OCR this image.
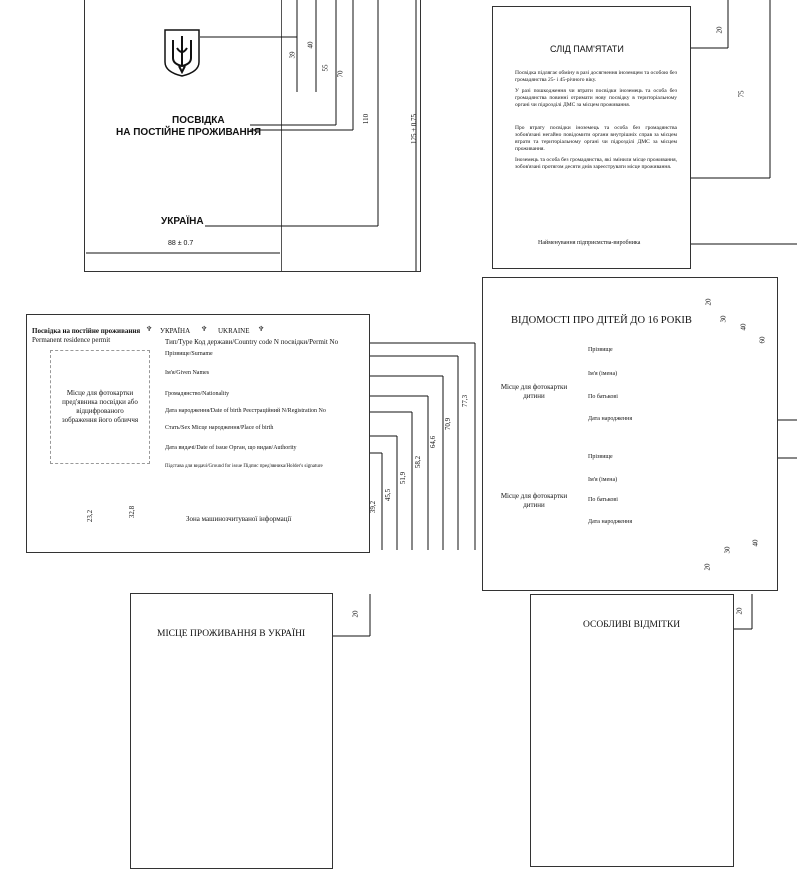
ПОСВІДКА
НА ПОСТІЙНЕ ПРОЖИВАННЯ
УКРАЇНА
88 ± 0.7
125 ± 0.75
39
40
55
70
110
СЛІД ПАМ'ЯТАТИ
Посвідка підлягає обміну в разі досягнення іноземцем та особою без громадянства 25- і 45-річного віку.
У разі пошкодження чи втрати посвідки іноземець та особа без громадянства повинні отримати нову посвідку в територіальному органі чи підрозділі ДМС за місцем проживання.
Про втрату посвідки іноземець та особа без громадянства зобов'язані негайно повідомити органи внутрішніх справ за місцем втрати та територіальному органі чи підрозділі ДМС за місцем проживання.
Іноземець та особа без громадянства, які змінили місце проживання, зобов'язані протягом десяти днів зареєструвати місце проживання.
Найменування підприємства-виробника
20
75
Посвідка на постійне проживання
Permanent residence permit
♆ УКРАЇНА ♆ UKRAINE ♆
Місце для фотокартки пред'явника посвідки або відцифрованого зображення його обличчя
Тип/Type Код держави/Country code N посвідки/Permit No
Прізвище/Surname
Ім'я/Given Names
Громадянство/Nationality
Дата народження/Date of birth Реєстраційний N/Registration No
Стать/Sex Місце народження/Place of birth
Дата видачі/Date of issue Орган, що видав/Authority
Підстава для видачі/Ground for issue Підпис пред'явника/Holder's signature
Зона машинозчитуваної інформації
23,2	32,8	39,2
45,5
51,9
58,2
64,6
70,9
77,3
ВІДОМОСТІ ПРО ДІТЕЙ ДО 16 РОКІВ
Місце для фотокартки дитини
Прізвище
Ім'я (імена)
По батькові
Дата народження
Місце для фотокартки дитини
Прізвище
Ім'я (імена)
По батькові
Дата народження
20
30
40
60
20
30
40
МІСЦЕ ПРОЖИВАННЯ В УКРАЇНІ
20
ОСОБЛИВІ ВІДМІТКИ
20
